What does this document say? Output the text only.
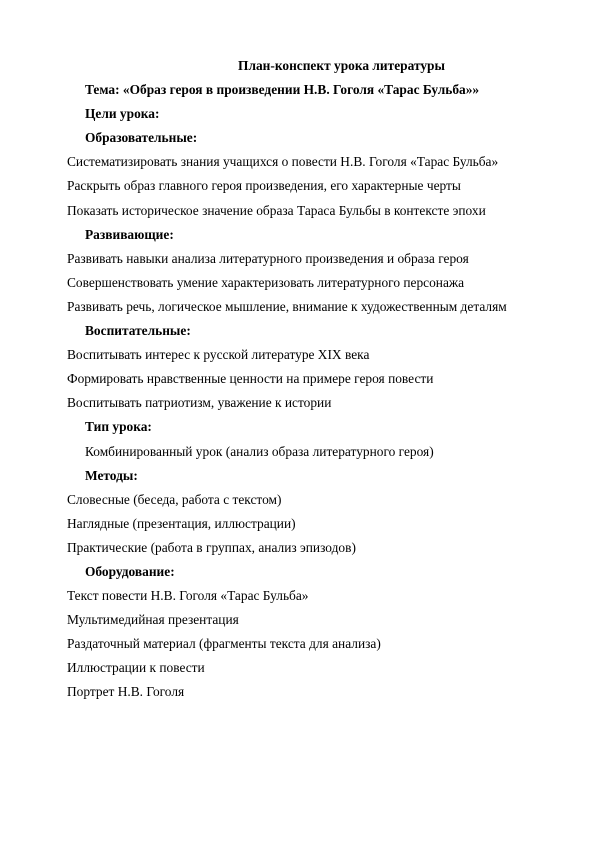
План-конспект урока литературы

Тема: «Образ героя в произведении Н.В. Гоголя «Тарас Бульба»»

Цели урока:

Образовательные:

Систематизировать знания учащихся о повести Н.В. Гоголя «Тарас Бульба»

Раскрыть образ главного героя произведения, его характерные черты

Показать историческое значение образа Тараса Бульбы в контексте эпохи

Развивающие:

Развивать навыки анализа литературного произведения и образа героя

Совершенствовать умение характеризовать литературного персонажа

Развивать речь, логическое мышление, внимание к художественным деталям

Воспитательные:

Воспитывать интерес к русской литературе XIX века

Формировать нравственные ценности на примере героя повести

Воспитывать патриотизм, уважение к истории

Тип урока:

Комбинированный урок (анализ образа литературного героя)

Методы:

Словесные (беседа, работа с текстом)

Наглядные (презентация, иллюстрации)

Практические (работа в группах, анализ эпизодов)

Оборудование:

Текст повести Н.В. Гоголя «Тарас Бульба»

Мультимедийная презентация

Раздаточный материал (фрагменты текста для анализа)

Иллюстрации к повести

Портрет Н.В. Гоголя
